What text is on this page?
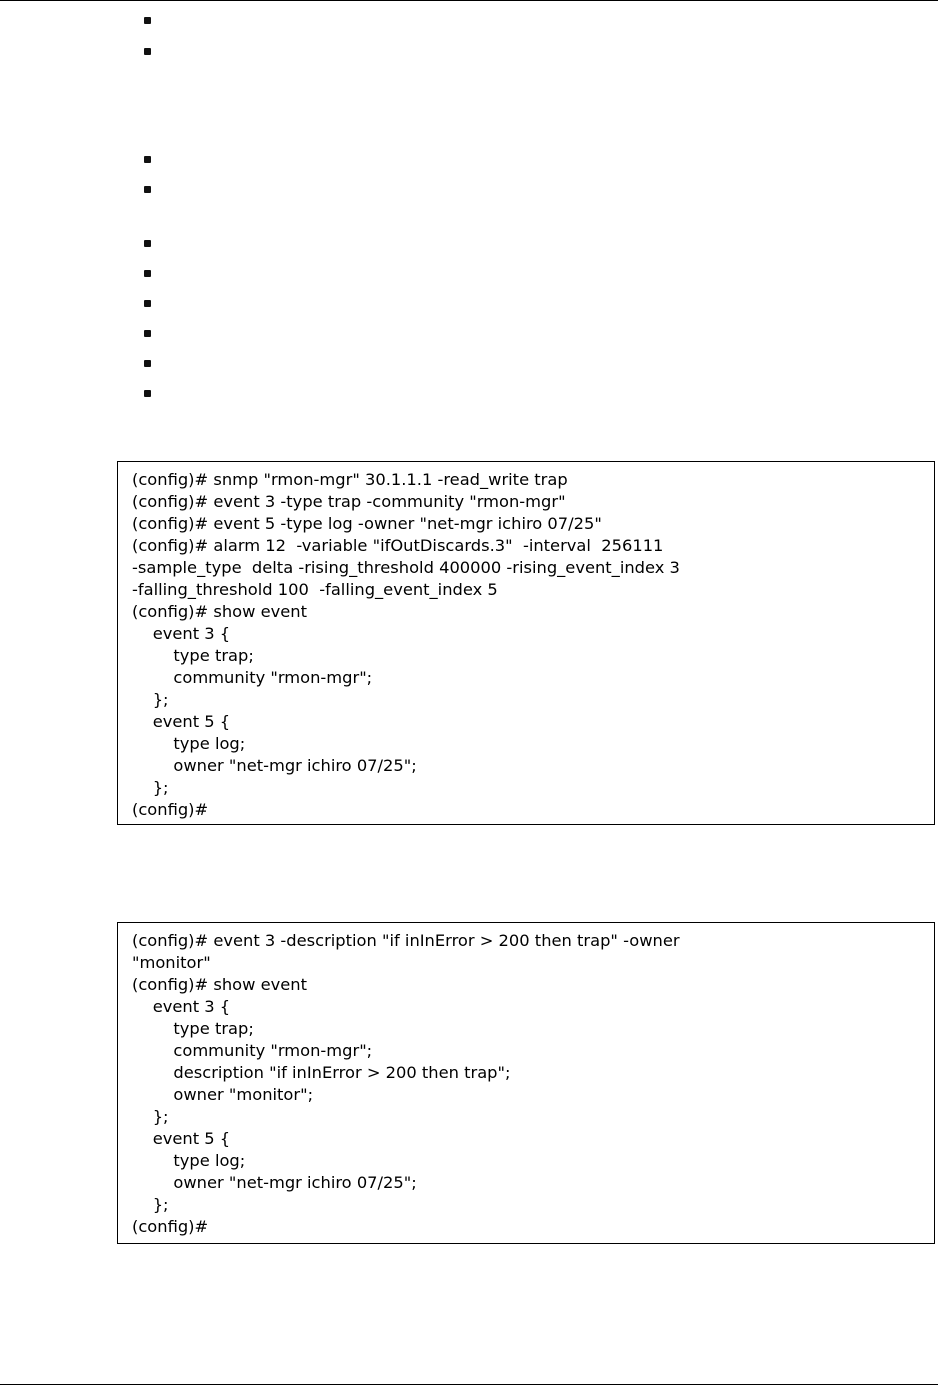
(config)# snmp "rmon-mgr" 30.1.1.1 -read_write trap
(config)# event 3 -type trap -community "rmon-mgr"
(config)# event 5 -type log -owner "net-mgr ichiro 07/25"
(config)# alarm 12  -variable "ifOutDiscards.3"  -interval  256111
-sample_type  delta -rising_threshold 400000 -rising_event_index 3
-falling_threshold 100  -falling_event_index 5
(config)# show event
event 3 {
type trap;
community "rmon-mgr";
};
event 5 {
type log;
owner "net-mgr ichiro 07/25";
};
(config)#
(config)# event 3 -description "if inInError > 200 then trap" -owner
"monitor"
(config)# show event
event 3 {
type trap;
community "rmon-mgr";
description "if inInError > 200 then trap";
owner "monitor";
};
event 5 {
type log;
owner "net-mgr ichiro 07/25";
};
(config)#
